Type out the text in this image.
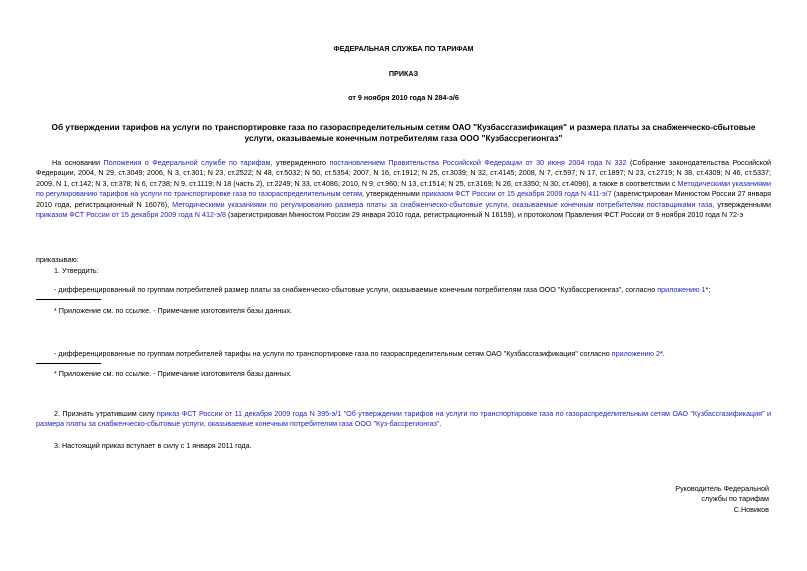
ФЕДЕРАЛЬНАЯ СЛУЖБА ПО ТАРИФАМ
ПРИКАЗ
от 9 ноября 2010 года N 284-э/6
Об утверждении тарифов на услуги по транспортировке газа по газораспределительным сетям ОАО "Кузбассгазификация" и размера платы за снабженческо-сбытовые услуги, оказываемые конечным потребителям газа ООО "Кузбассрегионгаз"
На основании Положения о Федеральной службе по тарифам, утвержденного постановлением Правительства Российской Федерации от 30 июня 2004 года N 332 (Собрание законодательства Российской Федерации, 2004, N 29, ст.3049; 2006, N 3, ст.301; N 23, ст.2522; N 48, ст.5032; N 50, ст.5354; 2007, N 16, ст.1912; N 25, ст.3039; N 32, ст.4145; 2008, N 7, ст.597; N 17, ст.1897; N 23, ст.2719; N 38, ст.4309; N 46, ст.5337; 2009, N 1, ст.142; N 3, ст.378; N 6, ст.738; N 9, ст.1119; N 18 (часть 2), ст.2249; N 33, ст.4086; 2010, N 9, ст.960; N 13, ст.1514; N 25, ст.3169; N 26, ст.3350; N 30, ст.4096), а также в соответствии с Методическими указаниями по регулированию тарифов на услуги по транспортировке газа по газораспределительным сетям, утвержденными приказом ФСТ России от 15 декабря 2009 года N 411-э/7 (зарегистрирован Минюстом России 27 января 2010 года, регистрационный N 16076), Методическими указаниями по регулированию размера платы за снабженческо-сбытовые услуги, оказываемые конечным потребителям поставщиками газа, утвержденными приказом ФСТ России от 15 декабря 2009 года N 412-э/8 (зарегистрирован Минюстом России 29 января 2010 года, регистрационный N 16159), и протоколом Правления ФСТ России от 9 ноября 2010 года N 72-э
приказываю:
1. Утвердить:
- дифференцированный по группам потребителей размер платы за снабженческо-сбытовые услуги, оказываемые конечным потребителям газа ООО "Кузбассрегионгаз", согласно приложению 1*;
* Приложение см. по ссылке. - Примечание изготовителя базы данных.
- дифференцированные по группам потребителей тарифы на услуги по транспортировке газа по газораспределительным сетям ОАО "Кузбассгазификация" согласно приложению 2*.
* Приложение см. по ссылке. - Примечание изготовителя базы данных.
2. Признать утратившим силу приказ ФСТ России от 11 декабря 2009 года N 395-э/1 "Об утверждении тарифов на услуги по транспортировке газа по газораспределительным сетям ОАО "Кузбассгазификация" и размера платы за снабженческо-сбытовые услуги, оказываемые конечным потребителям газа ООО "Куз-бассрегионгаз".
3. Настоящий приказ вступает в силу с 1 января 2011 года.
Руководитель Федеральной
службы по тарифам
С.Новиков
